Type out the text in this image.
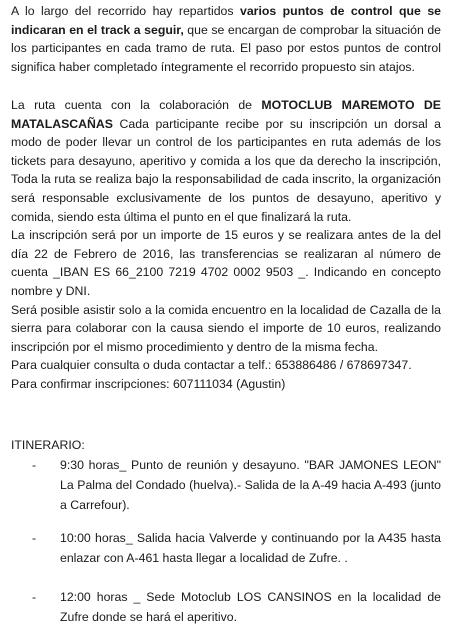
A lo largo del recorrido hay repartidos varios puntos de control que se indicaran en el track a seguir, que se encargan de comprobar la situación de los participantes en cada tramo de ruta. El paso por estos puntos de control significa haber completado íntegramente el recorrido propuesto sin atajos.

La ruta cuenta con la colaboración de MOTOCLUB MAREMOTO DE MATALASCAÑAS Cada participante recibe por su inscripción un dorsal a modo de poder llevar un control de los participantes en ruta además de los tickets para desayuno, aperitivo y comida a los que da derecho la inscripción, Toda la ruta se realiza bajo la responsabilidad de cada inscrito, la organización será responsable exclusivamente de los puntos de desayuno, aperitivo y comida, siendo esta última el punto en el que finalizará la ruta.
La inscripción será por un importe de 15 euros y se realizara antes de la del día 22 de Febrero de 2016, las transferencias se realizaran al número de cuenta _IBAN ES 66_2100 7219 4702 0002 9503 _. Indicando en concepto nombre y DNI.
Será posible asistir solo a la comida encuentro en la localidad de Cazalla de la sierra para colaborar con la causa siendo el importe de 10 euros, realizando inscripción por el mismo procedimiento y dentro de la misma fecha.
Para cualquier consulta o duda contactar a telf.: 653886486 / 678697347.
Para confirmar inscripciones: 607111034 (Agustin)

ITINERARIO:

-	9:30 horas_ Punto de reunión y desayuno. "BAR JAMONES LEON" La Palma del Condado (huelva).- Salida de la A-49 hacia A-493 (junto a Carrefour).
-	10:00 horas_ Salida hacia Valverde y continuando por la A435 hasta enlazar con A-461 hasta llegar a localidad de Zufre. .
-	12:00 horas _ Sede Motoclub LOS CANSINOS en la localidad de Zufre donde se hará el aperitivo.
